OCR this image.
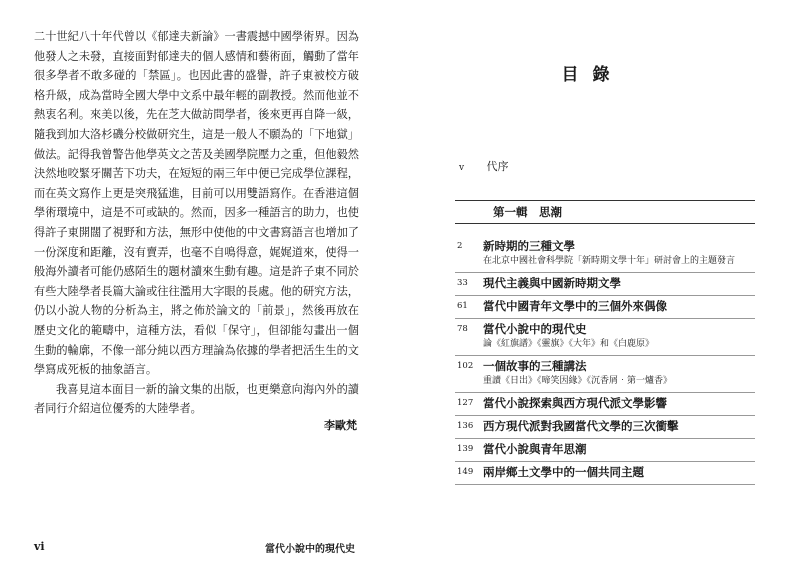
二十世紀八十年代曾以《郁達夫新論》一書震撼中國學術界。因為他發人之未發，直接面對郁達夫的個人感情和藝術面，觸動了當年很多學者不敢多碰的「禁區」。也因此書的盛譽，許子東被校方破格升級，成為當時全國大學中文系中最年輕的副教授。然而他並不熱衷名利。來美以後，先在芝大做訪問學者，後來更再自降一級，隨我到加大洛杉磯分校做研究生，這是一般人不願為的「下地獄」做法。記得我曾警告他學英文之苦及美國學院壓力之重，但他毅然決然地咬緊牙關苦下功夫，在短短的兩三年中便已完成學位課程，而在英文寫作上更是突飛猛進，目前可以用雙語寫作。在香港這個學術環境中，這是不可或缺的。然而，因多一種語言的助力，也使得許子東開闊了視野和方法，無形中使他的中文書寫語言也增加了一份深度和距離，沒有賣弄，也毫不自鳴得意，娓娓道來，使得一般海外讀者可能仍感陌生的題材讀來生動有趣。這是許子東不同於有些大陸學者長篇大論或往往濫用大字眼的長處。他的研究方法，仍以小說人物的分析為主，將之佈於論文的「前景」，然後再放在歷史文化的範疇中，這種方法，看似「保守」，但卻能勾畫出一個生動的輪廓，不像一部分純以西方理論為依據的學者把活生生的文學寫成死板的抽象語言。

我喜見這本面目一新的論文集的出版，也更樂意向海內外的讀者同行介紹這位優秀的大陸學者。

李歐梵
vi	當代小說中的現代史
目錄
v 代序
第一輯　思潮
2	新時期的三種文學
在北京中國社會科學院「新時期文學十年」研討會上的主題發言
33	現代主義與中國新時期文學
61	當代中國青年文學中的三個外來偶像
78	當代小說中的現代史
論《紅旗譜》《靈旗》《大年》和《白鹿原》
102 一個故事的三種講法
重讀《日出》《啼笑因緣》《沉香屑‧第一爐香》
127 當代小說探索與西方現代派文學影響
136 西方現代派對我國當代文學的三次衝擊
139 當代小說與青年思潮
149 兩岸鄉土文學中的一個共同主題
